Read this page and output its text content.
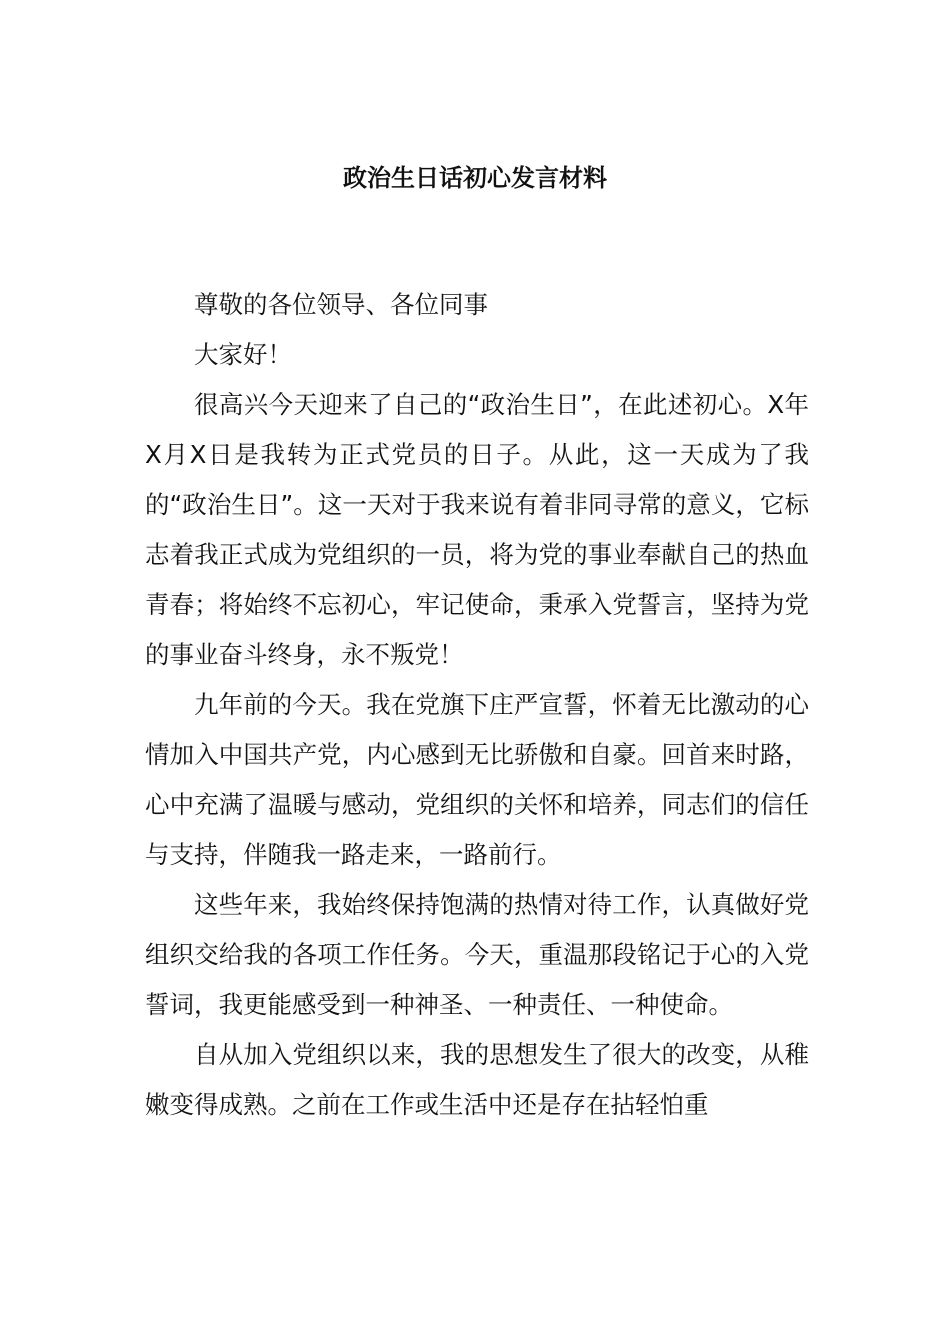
政治生日话初心发言材料

尊敬的各位领导、各位同事

大家好！

很高兴今天迎来了自己的“政治生日”，在此述初心。X年X月X日是我转为正式党员的日子。从此，这一天成为了我的“政治生日”。这一天对于我来说有着非同寻常的意义，它标志着我正式成为党组织的一员，将为党的事业奉献自己的热血青春；将始终不忘初心，牢记使命，秉承入党誓言，坚持为党的事业奋斗终身，永不叛党！

九年前的今天。我在党旗下庄严宣誓，怀着无比激动的心情加入中国共产党，内心感到无比骄傲和自豪。回首来时路，心中充满了温暖与感动，党组织的关怀和培养，同志们的信任与支持，伴随我一路走来，一路前行。

这些年来，我始终保持饱满的热情对待工作，认真做好党组织交给我的各项工作任务。今天，重温那段铭记于心的入党誓词，我更能感受到一种神圣、一种责任、一种使命。

自从加入党组织以来，我的思想发生了很大的改变，从稚嫩变得成熟。之前在工作或生活中还是存在拈轻怕重
